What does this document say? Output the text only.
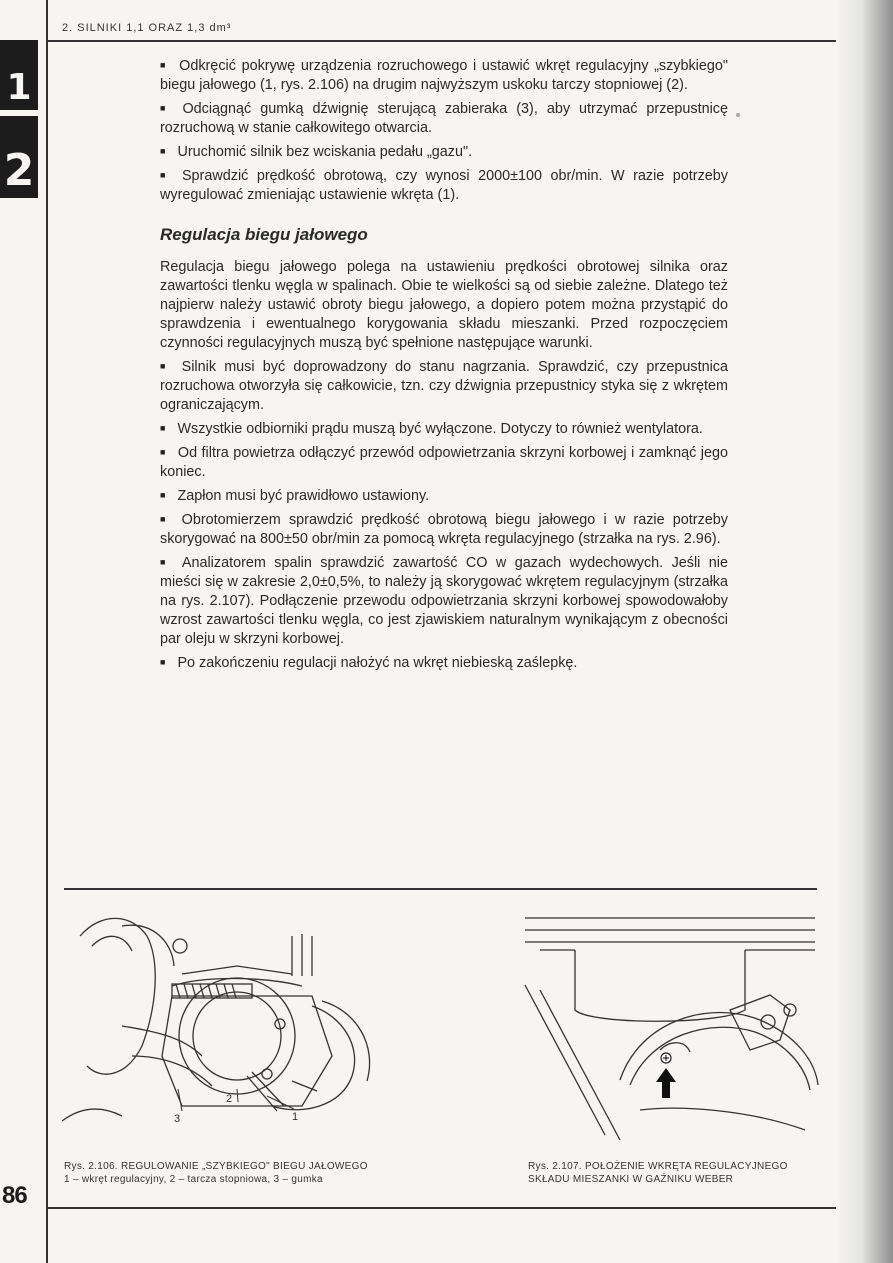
2. SILNIKI 1,1 ORAZ 1,3 dm³
1
2

■ Odkręcić pokrywę urządzenia rozruchowego i ustawić wkręt regulacyjny „szybkiego" biegu jałowego (1, rys. 2.106) na drugim najwyższym uskoku tarczy stopniowej (2).

■ Odciągnąć gumką dźwignię sterującą zabieraka (3), aby utrzymać przepustnicę rozruchową w stanie całkowitego otwarcia.

■ Uruchomić silnik bez wciskania pedału „gazu".

■ Sprawdzić prędkość obrotową, czy wynosi 2000±100 obr/min. W razie potrzeby wyregulować zmieniając ustawienie wkręta (1).

Regulacja biegu jałowego

Regulacja biegu jałowego polega na ustawieniu prędkości obrotowej silnika oraz zawartości tlenku węgla w spalinach. Obie te wielkości są od siebie zależne. Dlatego też najpierw należy ustawić obroty biegu jałowego, a dopiero potem można przystąpić do sprawdzenia i ewentualnego korygowania składu mieszanki. Przed rozpoczęciem czynności regulacyjnych muszą być spełnione następujące warunki.

■ Silnik musi być doprowadzony do stanu nagrzania. Sprawdzić, czy przepustnica rozruchowa otworzyła się całkowicie, tzn. czy dźwignia przepustnicy styka się z wkrętem ograniczającym.

■ Wszystkie odbiorniki prądu muszą być wyłączone. Dotyczy to również wentylatora.

■ Od filtra powietrza odłączyć przewód odpowietrzania skrzyni korbowej i zamknąć jego koniec.

■ Zapłon musi być prawidłowo ustawiony.

■ Obrotomierzem sprawdzić prędkość obrotową biegu jałowego i w razie potrzeby skorygować na 800±50 obr/min za pomocą wkręta regulacyjnego (strzałka na rys. 2.96).

■ Analizatorem spalin sprawdzić zawartość CO w gazach wydechowych. Jeśli nie mieści się w zakresie 2,0±0,5%, to należy ją skorygować wkrętem regulacyjnym (strzałka na rys. 2.107). Podłączenie przewodu odpowietrzania skrzyni korbowej spowodowałoby wzrost zawartości tlenku węgla, co jest zjawiskiem naturalnym wynikającym z obecności par oleju w skrzyni korbowej.

■ Po zakończeniu regulacji nałożyć na wkręt niebieską zaślepkę.

3
2
1
Rys. 2.106. REGULOWANIE „SZYBKIEGO" BIEGU JAŁOWEGO
1 – wkręt regulacyjny, 2 – tarcza stopniowa, 3 – gumka
Rys. 2.107. POŁOŻENIE WKRĘTA REGULACYJNEGO
SKŁADU MIESZANKI W GAŹNIKU WEBER
86
